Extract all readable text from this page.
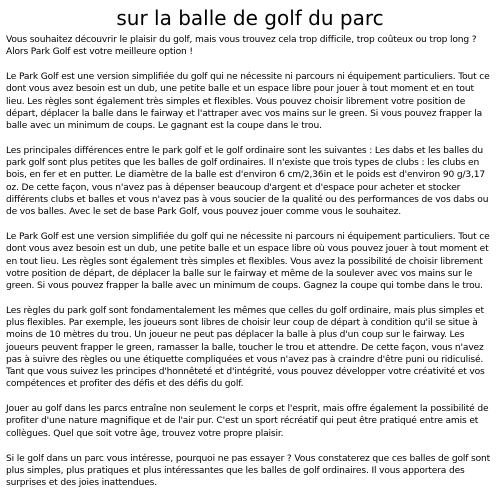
sur la balle de golf du parc

Vous souhaitez découvrir le plaisir du golf, mais vous trouvez cela trop difficile, trop coûteux ou trop long ? Alors Park Golf est votre meilleure option !

Le Park Golf est une version simplifiée du golf qui ne nécessite ni parcours ni équipement particuliers. Tout ce dont vous avez besoin est un dub, une petite balle et un espace libre pour jouer à tout moment et en tout lieu. Les règles sont également très simples et flexibles. Vous pouvez choisir librement votre position de départ, déplacer la balle dans le fairway et l'attraper avec vos mains sur le green. Si vous pouvez frapper la balle avec un minimum de coups. Le gagnant est la coupe dans le trou.

Les principales différences entre le park golf et le golf ordinaire sont les suivantes : Les dabs et les balles du park golf sont plus petites que les balles de golf ordinaires. Il n'existe que trois types de clubs : les clubs en bois, en fer et en putter. Le diamètre de la balle est d'environ 6 cm/2,36in et le poids est d'environ 90 g/3,17 oz. De cette façon, vous n'avez pas à dépenser beaucoup d'argent et d'espace pour acheter et stocker différents clubs et balles et vous n'avez pas à vous soucier de la qualité ou des performances de vos dabs ou de vos balles. Avec le set de base Park Golf, vous pouvez jouer comme vous le souhaitez.

Le Park Golf est une version simplifiée du golf qui ne nécessite ni parcours ni équipement particuliers. Tout ce dont vous avez besoin est un dub, une petite balle et un espace libre où vous pouvez jouer à tout moment et en tout lieu. Les règles sont également très simples et flexibles. Vous avez la possibilité de choisir librement votre position de départ, de déplacer la balle sur le fairway et même de la soulever avec vos mains sur le green. Si vous pouvez frapper la balle avec un minimum de coups. Gagnez la coupe qui tombe dans le trou.

Les règles du park golf sont fondamentalement les mêmes que celles du golf ordinaire, mais plus simples et plus flexibles. Par exemple, les joueurs sont libres de choisir leur coup de départ à condition qu'il se situe à moins de 10 mètres du trou. Un joueur ne peut pas déplacer la balle à plus d'un coup sur le fairway. Les joueurs peuvent frapper le green, ramasser la balle, toucher le trou et attendre. De cette façon, vous n'avez pas à suivre des règles ou une étiquette compliquées et vous n'avez pas à craindre d'être puni ou ridiculisé. Tant que vous suivez les principes d'honnêteté et d'intégrité, vous pouvez développer votre créativité et vos compétences et profiter des défis et des défis du golf.

Jouer au golf dans les parcs entraîne non seulement le corps et l'esprit, mais offre également la possibilité de profiter d'une nature magnifique et de l'air pur. C'est un sport récréatif qui peut être pratiqué entre amis et collègues. Quel que soit votre âge, trouvez votre propre plaisir.

Si le golf dans un parc vous intéresse, pourquoi ne pas essayer ? Vous constaterez que ces balles de golf sont plus simples, plus pratiques et plus intéressantes que les balles de golf ordinaires. Il vous apportera des surprises et des joies inattendues.
